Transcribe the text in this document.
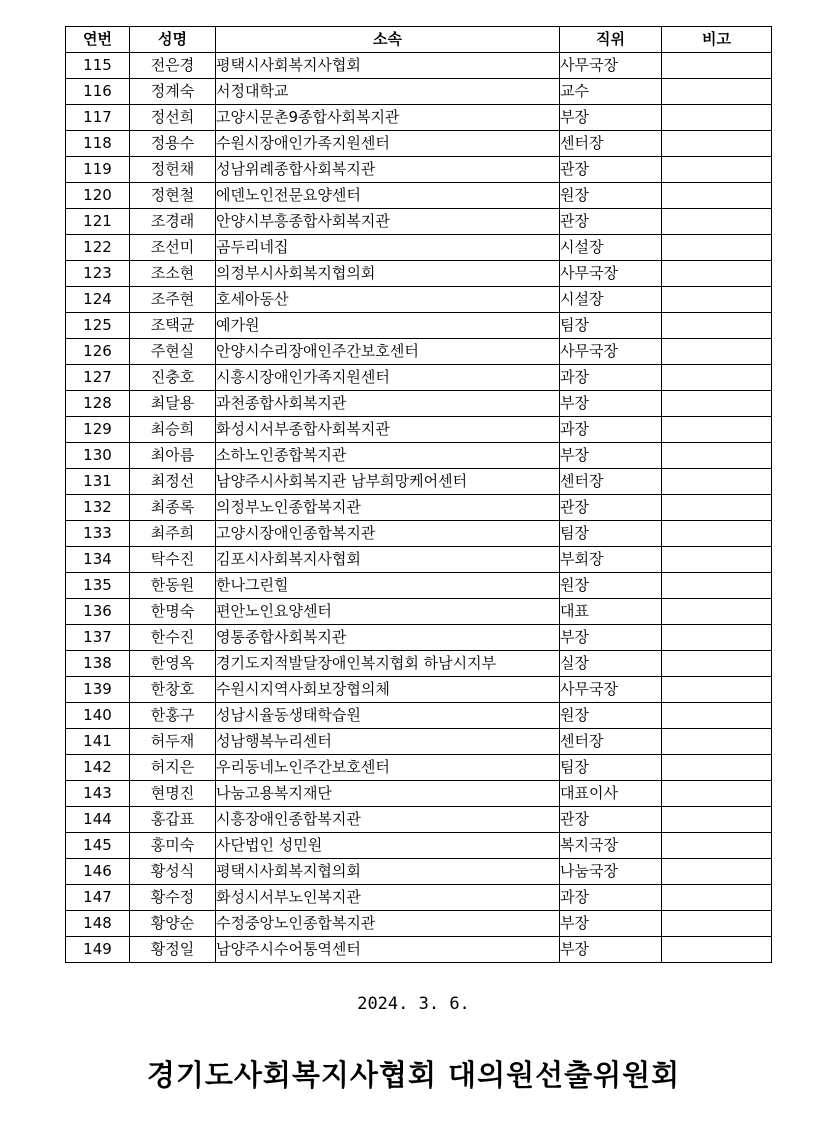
연번	성명	소속	직위	비고
115	전은경	평택시사회복지사협회	사무국장	
116	정계숙	서정대학교	교수	
117	정선희	고양시문촌9종합사회복지관	부장	
118	정용수	수원시장애인가족지원센터	센터장	
119	정헌채	성남위례종합사회복지관	관장	
120	정현철	에덴노인전문요양센터	원장	
121	조경래	안양시부흥종합사회복지관	관장	
122	조선미	곰두리네집	시설장	
123	조소현	의정부시사회복지협의회	사무국장	
124	조주현	호세아동산	시설장	
125	조택균	예가원	팀장	
126	주현실	안양시수리장애인주간보호센터	사무국장	
127	진충호	시흥시장애인가족지원센터	과장	
128	최달용	과천종합사회복지관	부장	
129	최승희	화성시서부종합사회복지관	과장	
130	최아름	소하노인종합복지관	부장	
131	최정선	남양주시사회복지관 남부희망케어센터	센터장	
132	최종록	의정부노인종합복지관	관장	
133	최주희	고양시장애인종합복지관	팀장	
134	탁수진	김포시사회복지사협회	부회장	
135	한동원	한나그린힐	원장	
136	한명숙	편안노인요양센터	대표	
137	한수진	영통종합사회복지관	부장	
138	한영옥	경기도지적발달장애인복지협회 하남시지부	실장	
139	한창호	수원시지역사회보장협의체	사무국장	
140	한홍구	성남시율동생태학습원	원장	
141	허두재	성남행복누리센터	센터장	
142	허지은	우리동네노인주간보호센터	팀장	
143	현명진	나눔고용복지재단	대표이사	
144	홍갑표	시흥장애인종합복지관	관장	
145	홍미숙	사단법인 성민원	복지국장	
146	황성식	평택시사회복지협의회	나눔국장	
147	황수정	화성시서부노인복지관	과장	
148	황양순	수정중앙노인종합복지관	부장	
149	황정일	남양주시수어통역센터	부장	
2024. 3. 6.
경기도사회복지사협회 대의원선출위원회
